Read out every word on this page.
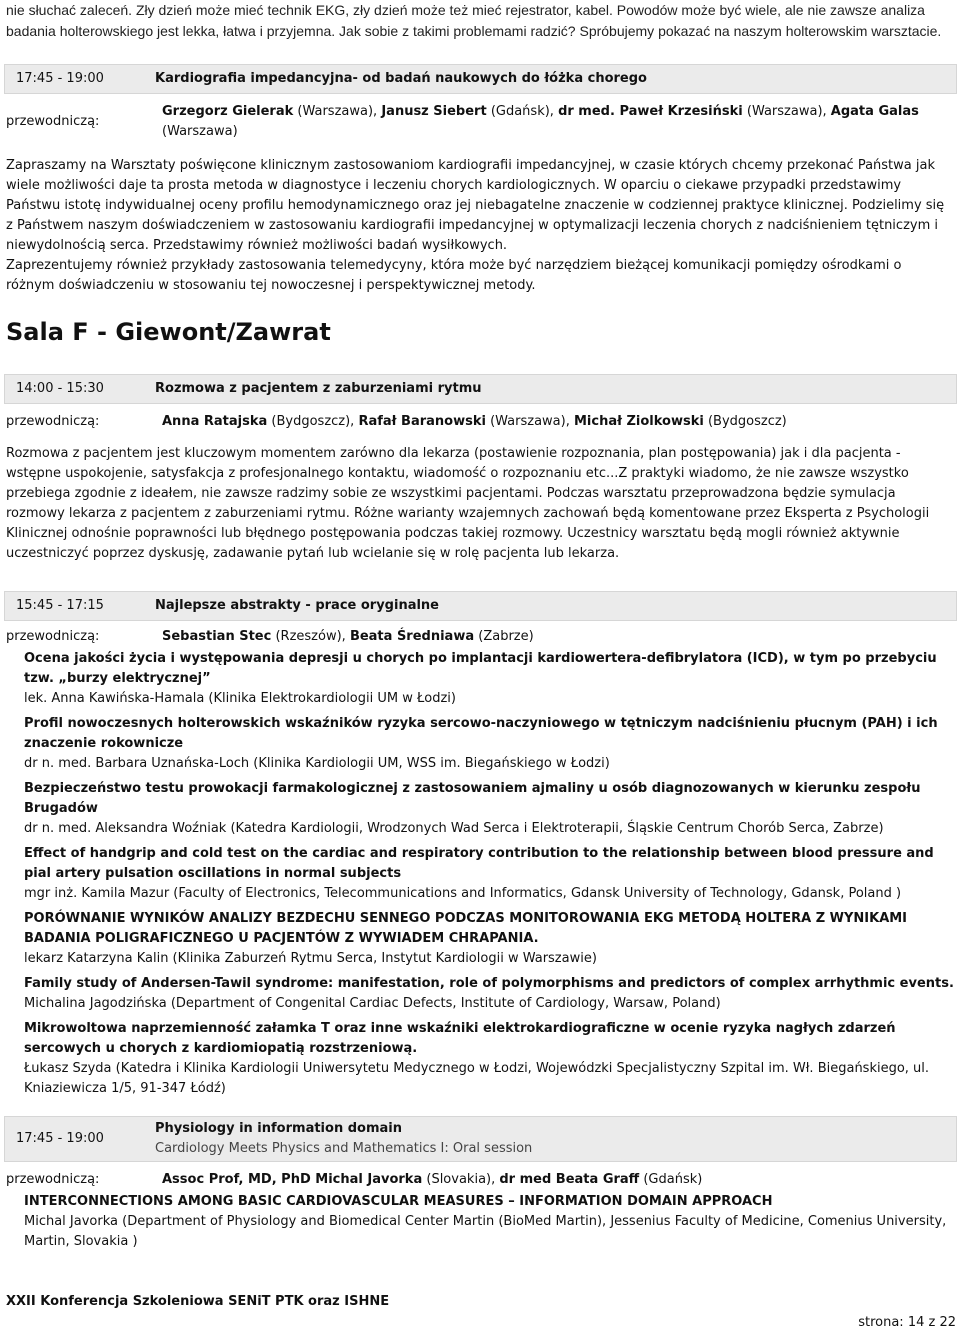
nie słuchać zaleceń. Zły dzień może mieć technik EKG, zły dzień może też mieć rejestrator, kabel. Powodów może być wiele, ale nie zawsze analiza badania holterowskiego jest lekka, łatwa i przyjemna. Jak sobie z takimi problemami radzić? Spróbujemy pokazać na naszym holterowskim warsztacie.
17:45 - 19:00	Kardiografia impedancyjna- od badań naukowych do łóżka chorego
przewodniczą:
Grzegorz Gielerak (Warszawa), Janusz Siebert (Gdańsk), dr med. Paweł Krzesiński (Warszawa), Agata Galas (Warszawa)

Zapraszamy na Warsztaty poświęcone klinicznym zastosowaniom kardiografii impedancyjnej, w czasie których chcemy przekonać Państwa jak wiele możliwości daje ta prosta metoda w diagnostyce i leczeniu chorych kardiologicznych. W oparciu o ciekawe przypadki przedstawimy Państwu istotę indywidualnej oceny profilu hemodynamicznego oraz jej niebagatelne znaczenie w codziennej praktyce klinicznej. Podzielimy się z Państwem naszym doświadczeniem w zastosowaniu kardiografii impedancyjnej w optymalizacji leczenia chorych z nadciśnieniem tętniczym i niewydolnością serca. Przedstawimy również możliwości badań wysiłkowych.

Zaprezentujemy również przykłady zastosowania telemedycyny, która może być narzędziem bieżącej komunikacji pomiędzy ośrodkami o różnym doświadczeniu w stosowaniu tej nowoczesnej i perspektywicznej metody.

Sala F - Giewont/Zawrat
14:00 - 15:30	Rozmowa z pacjentem z zaburzeniami rytmu
przewodniczą:	Anna Ratajska (Bydgoszcz), Rafał Baranowski (Warszawa), Michał Ziolkowski (Bydgoszcz)

Rozmowa z pacjentem jest kluczowym momentem zarówno dla lekarza (postawienie rozpoznania, plan postępowania) jak i dla pacjenta - wstępne uspokojenie, satysfakcja z profesjonalnego kontaktu, wiadomość o rozpoznaniu etc...Z praktyki wiadomo, że nie zawsze wszystko przebiega zgodnie z ideałem, nie zawsze radzimy sobie ze wszystkimi pacjentami. Podczas warsztatu przeprowadzona będzie symulacja rozmowy lekarza z pacjentem z zaburzeniami rytmu. Różne warianty wzajemnych zachowań będą komentowane przez Eksperta z Psychologii Klinicznej odnośnie poprawności lub błędnego postępowania podczas takiej rozmowy. Uczestnicy warsztatu będą mogli również aktywnie uczestniczyć poprzez dyskusję, zadawanie pytań lub wcielanie się w rolę pacjenta lub lekarza.

15:45 - 17:15	Najlepsze abstrakty - prace oryginalne
przewodniczą:	Sebastian Stec (Rzeszów), Beata Średniawa (Zabrze)
Ocena jakości życia i występowania depresji u chorych po implantacji kardiowertera-defibrylatora (ICD), w tym po przebyciu tzw. „burzy elektrycznej”
lek. Anna Kawińska-Hamala (Klinika Elektrokardiologii UM w Łodzi)
Profil nowoczesnych holterowskich wskaźników ryzyka sercowo-naczyniowego w tętniczym nadciśnieniu płucnym (PAH) i ich znaczenie rokownicze
dr n. med. Barbara Uznańska-Loch (Klinika Kardiologii UM, WSS im. Biegańskiego w Łodzi)
Bezpieczeństwo testu prowokacji farmakologicznej z zastosowaniem ajmaliny u osób diagnozowanych w kierunku zespołu Brugadów
dr n. med. Aleksandra Woźniak (Katedra Kardiologii, Wrodzonych Wad Serca i Elektroterapii, Śląskie Centrum Chorób Serca, Zabrze)
Effect of handgrip and cold test on the cardiac and respiratory contribution to the relationship between blood pressure and pial artery pulsation oscillations in normal subjects
mgr inż. Kamila Mazur (Faculty of Electronics, Telecommunications and Informatics, Gdansk University of Technology, Gdansk, Poland )
PORÓWNANIE WYNIKÓW ANALIZY BEZDECHU SENNEGO PODCZAS MONITOROWANIA EKG METODĄ HOLTERA Z WYNIKAMI BADANIA POLIGRAFICZNEGO U PACJENTÓW Z WYWIADEM CHRAPANIA.
lekarz Katarzyna Kalin (Klinika Zaburzeń Rytmu Serca, Instytut Kardiologii w Warszawie)
Family study of Andersen-Tawil syndrome: manifestation, role of polymorphisms and predictors of complex arrhythmic events.
Michalina Jagodzińska (Department of Congenital Cardiac Defects, Institute of Cardiology, Warsaw, Poland)
Mikrowoltowa naprzemienność załamka T oraz inne wskaźniki elektrokardiograficzne w ocenie ryzyka nagłych zdarzeń sercowych u chorych z kardiomiopatią rozstrzeniową.
Łukasz Szyda (Katedra i Klinika Kardiologii Uniwersytetu Medycznego w Łodzi, Wojewódzki Specjalistyczny Szpital im. Wł. Biegańskiego, ul. Kniaziewicza 1/5, 91-347 Łódź)
17:45 - 19:00
Physiology in information domain
Cardiology Meets Physics and Mathematics I: Oral session
przewodniczą:	Assoc Prof, MD, PhD Michal Javorka (Slovakia), dr med Beata Graff (Gdańsk)
INTERCONNECTIONS AMONG BASIC CARDIOVASCULAR MEASURES – INFORMATION DOMAIN APPROACH
Michal Javorka (Department of Physiology and Biomedical Center Martin (BioMed Martin), Jessenius Faculty of Medicine, Comenius University, Martin, Slovakia )
XXII Konferencja Szkoleniowa SENiT PTK oraz ISHNE
strona: 14 z 22
